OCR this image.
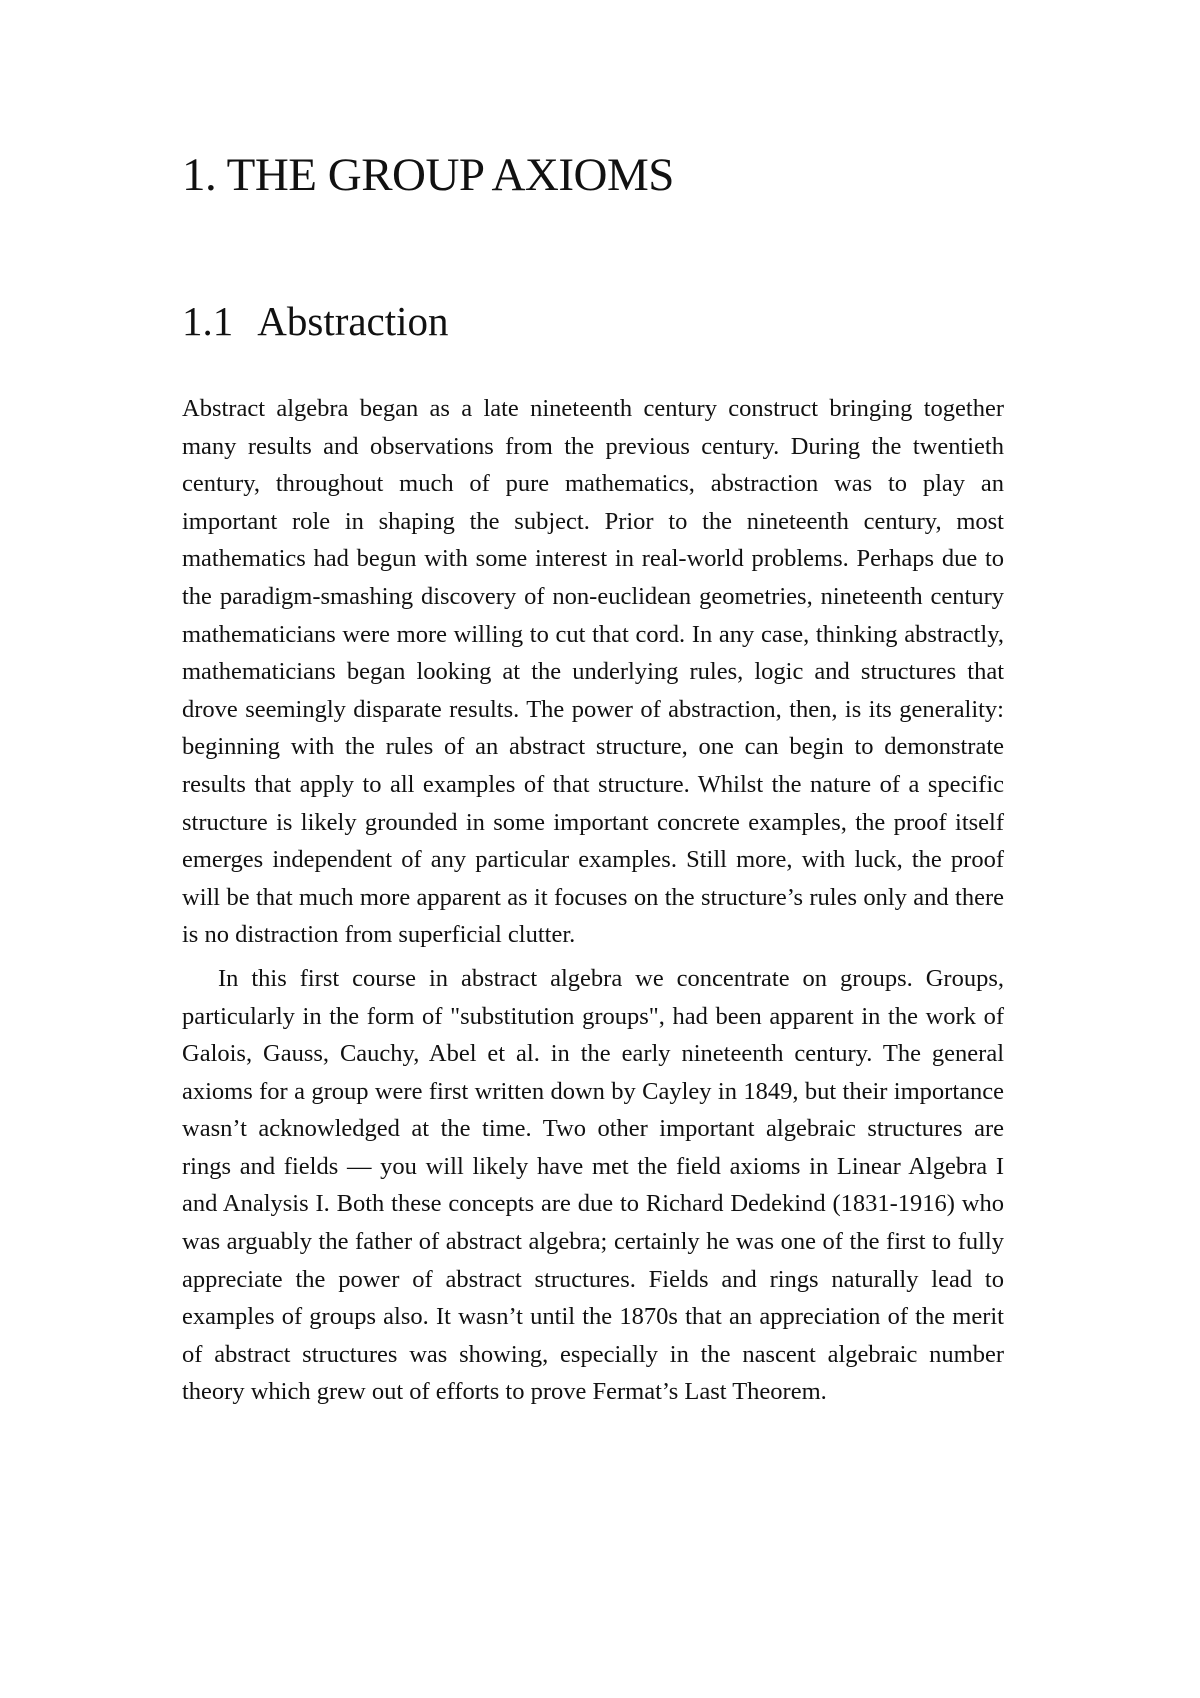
1. THE GROUP AXIOMS
1.1 Abstraction

Abstract algebra began as a late nineteenth century construct bringing together many results and observations from the previous century. During the twentieth century, throughout much of pure mathematics, abstraction was to play an important role in shaping the subject. Prior to the nineteenth century, most mathematics had begun with some interest in real-world problems. Perhaps due to the paradigm-smashing discovery of non-euclidean geometries, nineteenth century mathematicians were more willing to cut that cord. In any case, thinking abstractly, mathematicians began looking at the underlying rules, logic and structures that drove seemingly disparate results. The power of abstraction, then, is its generality: beginning with the rules of an abstract structure, one can begin to demonstrate results that apply to all examples of that structure. Whilst the nature of a specific structure is likely grounded in some important concrete examples, the proof itself emerges independent of any particular examples. Still more, with luck, the proof will be that much more apparent as it focuses on the structure’s rules only and there is no distraction from superficial clutter.

In this first course in abstract algebra we concentrate on groups. Groups, particularly in the form of "substitution groups", had been apparent in the work of Galois, Gauss, Cauchy, Abel et al. in the early nineteenth century. The general axioms for a group were first written down by Cayley in 1849, but their importance wasn’t acknowledged at the time. Two other important algebraic structures are rings and fields — you will likely have met the field axioms in Linear Algebra I and Analysis I. Both these concepts are due to Richard Dedekind (1831-1916) who was arguably the father of abstract algebra; certainly he was one of the first to fully appreciate the power of abstract structures. Fields and rings naturally lead to examples of groups also. It wasn’t until the 1870s that an appreciation of the merit of abstract structures was showing, especially in the nascent algebraic number theory which grew out of efforts to prove Fermat’s Last Theorem.
